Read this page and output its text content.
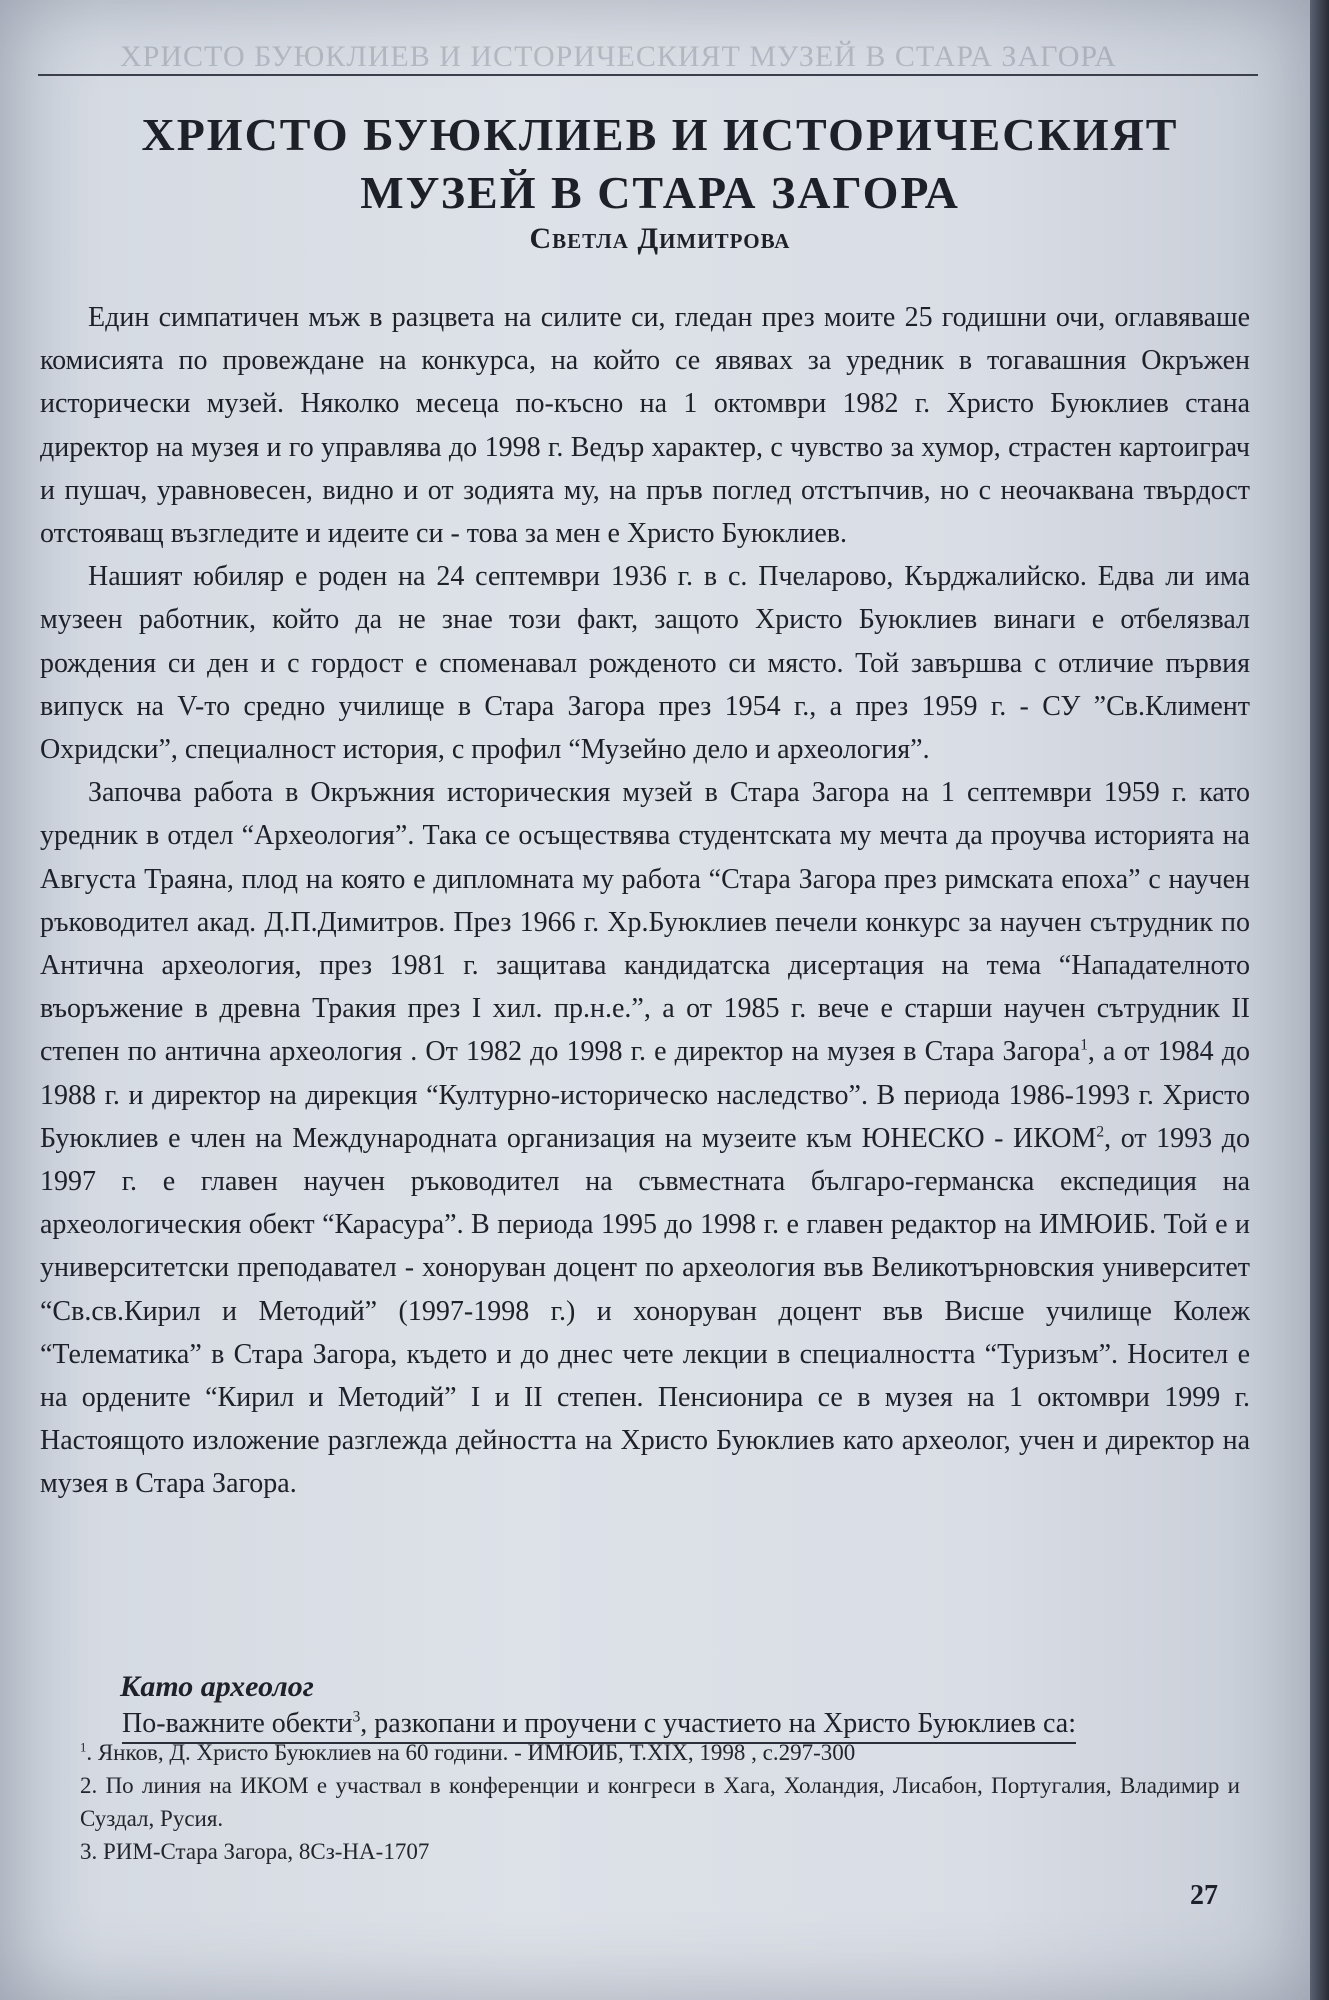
ХРИСТО БУЮКЛИЕВ И ИСТОРИЧЕСКИЯТ МУЗЕЙ В СТАРА ЗАГОРА
ХРИСТО БУЮКЛИЕВ И ИСТОРИЧЕСКИЯТ
МУЗЕЙ В СТАРА ЗАГОРА
Светла Димитрова

Един симпатичен мъж в разцвета на силите си, гледан през моите 25 годишни очи, оглавяваше комисията по провеждане на конкурса, на който се явявах за уредник в тогавашния Окръжен исторически музей. Няколко месеца по-късно на 1 октомври 1982 г. Христо Буюклиев стана директор на музея и го управлява до 1998 г. Ведър характер, с чувство за хумор, страстен картоиграч и пушач, уравновесен, видно и от зодията му, на пръв поглед отстъпчив, но с неочаквана твърдост отстояващ възгледите и идеите си - това за мен е Христо Буюклиев.

Нашият юбиляр е роден на 24 септември 1936 г. в с. Пчеларово, Кърджалийско. Едва ли има музеен работник, който да не знае този факт, защото Христо Буюклиев винаги е отбелязвал рождения си ден и с гордост е споменавал рожденото си място. Той завършва с отличие първия випуск на V-то средно училище в Стара Загора през 1954 г., а през 1959 г. - СУ ”Св.Климент Охридски”, специалност история, с профил “Музейно дело и археология”.

Започва работа в Окръжния историческия музей в Стара Загора на 1 септември 1959 г. като уредник в отдел “Археология”. Така се осъществява студентската му мечта да проучва историята на Августа Траяна, плод на която е дипломната му работа “Стара Загора през римската епоха” с научен ръководител акад. Д.П.Димитров. През 1966 г. Хр.Буюклиев печели конкурс за научен сътрудник по Антична археология, през 1981 г. защитава кандидатска дисертация на тема “Нападателното въоръжение в древна Тракия през I хил. пр.н.е.”, а от 1985 г. вече е старши научен сътрудник II степен по антична археология . От 1982 до 1998 г. е директор на музея в Стара Загора$^1$, а от 1984 до 1988 г. и директор на дирекция “Културно-историческо наследство”. В периода 1986-1993 г. Христо Буюклиев е член на Международната организация на музеите към ЮНЕСКО - ИКОМ$^2$, от 1993 до 1997 г. е главен научен ръководител на съвместната българо-германска експедиция на археологическия обект “Карасура”. В периода 1995 до 1998 г. е главен редактор на ИМЮИБ. Той е и университетски преподавател - хоноруван доцент по археология във Великотърновския университет “Св.св.Кирил и Методий” (1997-1998 г.) и хоноруван доцент във Висше училище Колеж “Телематика” в Стара Загора, където и до днес чете лекции в специалността “Туризъм”. Носител е на ордените “Кирил и Методий” I и II степен. Пенсионира се в музея на 1 октомври 1999 г. Настоящото изложение разглежда дейността на Христо Буюклиев като археолог, учен и директор на музея в Стара Загора.

Като археолог
По-важните обекти$^3$, разкопани и проучени с участието на Христо Буюклиев са:
$^1$. Янков, Д. Христо Буюклиев на 60 години. - ИМЮИБ, Т.XIX, 1998 , с.297-300
2. По линия на ИКОМ е участвал в конференции и конгреси в Хага, Холандия, Лисабон, Португалия, Владимир и Суздал, Русия.
3. РИМ-Стара Загора, 8Сз-НА-1707
27
